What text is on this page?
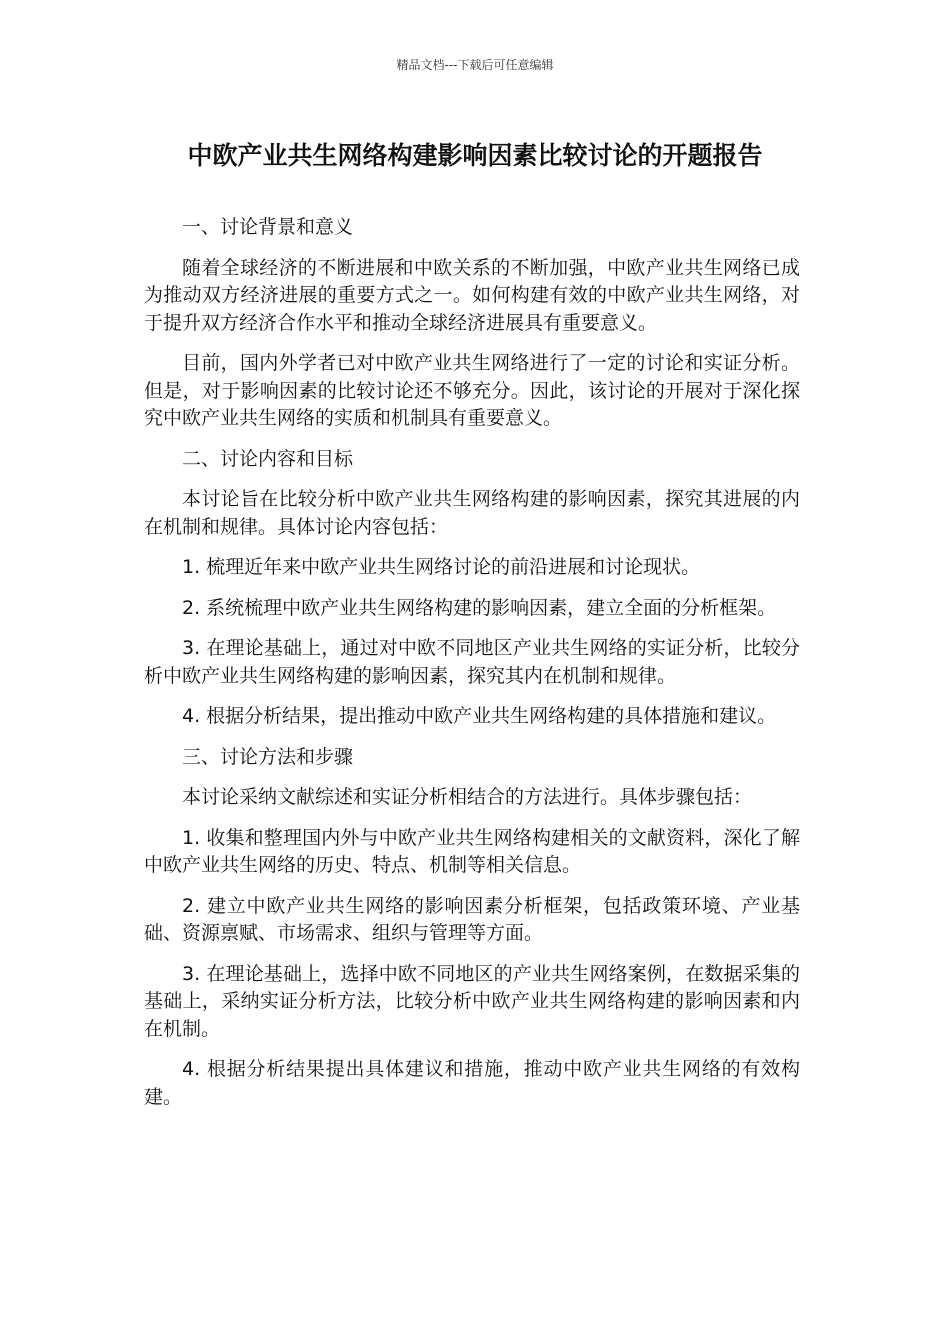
精品文档---下载后可任意编辑
中欧产业共生网络构建影响因素比较讨论的开题报告

一、讨论背景和意义

随着全球经济的不断进展和中欧关系的不断加强，中欧产业共生网络已成为推动双方经济进展的重要方式之一。如何构建有效的中欧产业共生网络，对于提升双方经济合作水平和推动全球经济进展具有重要意义。

目前，国内外学者已对中欧产业共生网络进行了一定的讨论和实证分析。但是，对于影响因素的比较讨论还不够充分。因此，该讨论的开展对于深化探究中欧产业共生网络的实质和机制具有重要意义。

二、讨论内容和目标

本讨论旨在比较分析中欧产业共生网络构建的影响因素，探究其进展的内在机制和规律。具体讨论内容包括：

1. 梳理近年来中欧产业共生网络讨论的前沿进展和讨论现状。

2. 系统梳理中欧产业共生网络构建的影响因素，建立全面的分析框架。

3. 在理论基础上，通过对中欧不同地区产业共生网络的实证分析，比较分析中欧产业共生网络构建的影响因素，探究其内在机制和规律。

4. 根据分析结果，提出推动中欧产业共生网络构建的具体措施和建议。

三、讨论方法和步骤

本讨论采纳文献综述和实证分析相结合的方法进行。具体步骤包括：

1. 收集和整理国内外与中欧产业共生网络构建相关的文献资料，深化了解中欧产业共生网络的历史、特点、机制等相关信息。

2. 建立中欧产业共生网络的影响因素分析框架，包括政策环境、产业基础、资源禀赋、市场需求、组织与管理等方面。

3. 在理论基础上，选择中欧不同地区的产业共生网络案例，在数据采集的基础上，采纳实证分析方法，比较分析中欧产业共生网络构建的影响因素和内在机制。

4. 根据分析结果提出具体建议和措施，推动中欧产业共生网络的有效构建。
